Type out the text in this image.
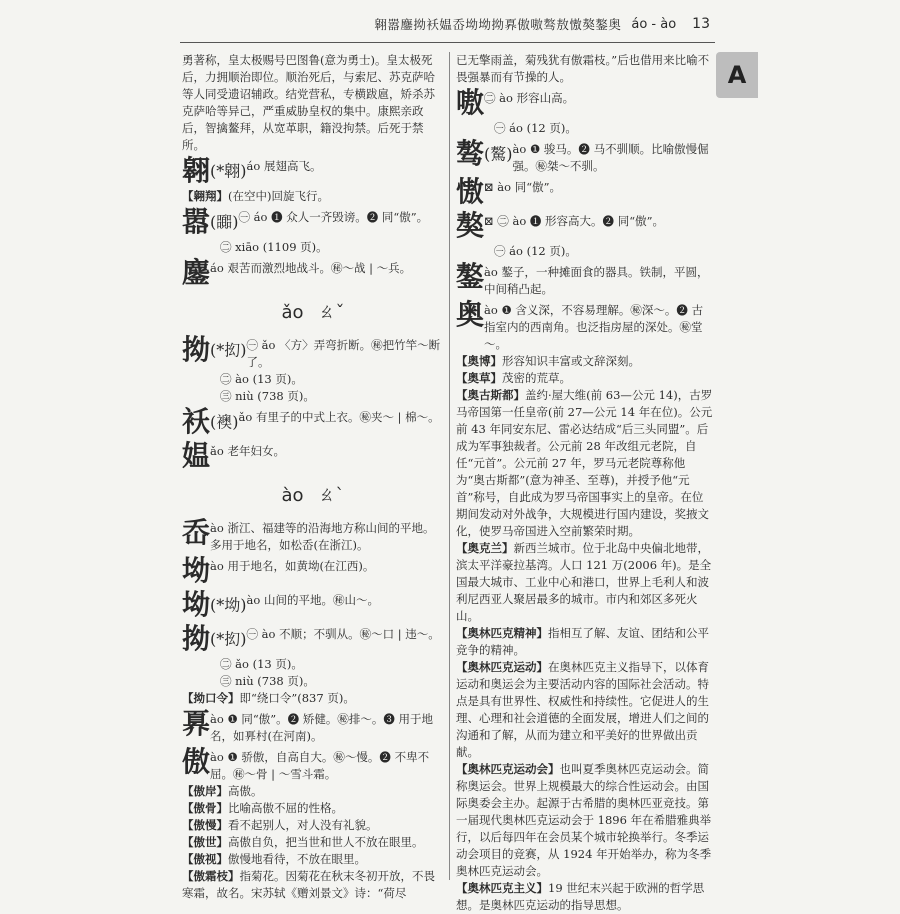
翱嚣鏖拗袄媪岙坳坳拗奡傲嗷骜敖慠獒鏊奥 áo - ào 13
A

勇著称，皇太极赐号巴图鲁(意为勇士)。皇太极死后，力拥顺治即位。顺治死后，与索尼、苏克萨哈等人同受遗诏辅政。结党营私，专横跋扈，矫杀苏克萨哈等异己，严重威胁皇权的集中。康熙亲政后，智擒鳌拜，从宽革职，籍没拘禁。后死于禁所。

翱(*翺) áo 展翅高飞。

【翱翔】(在空中)回旋飞行。

嚣(嚻) ㊀ áo ❶ 众人一齐毁谤。❷ 同“傲”。

㊁ xiāo (1109 页)。

鏖 áo 艰苦而激烈地战斗。㊙～战 | ～兵。
ǎo ㄠˇ
拗(*抝) ㊀ ǎo 〈方〉弄弯折断。㊙把竹竿～断了。

㊁ ào (13 页)。

㊂ niù (738 页)。

袄(襖) ǎo 有里子的中式上衣。㊙夹～ | 棉～。
媪 ǎo 老年妇女。
ào ㄠˋ
岙 ào 浙江、福建等的沿海地方称山间的平地。多用于地名，如松岙(在浙江)。
坳 ào 用于地名，如黄坳(在江西)。
坳(*坳) ào 山间的平地。㊙山～。
拗(*抝) ㊀ ào 不顺；不驯从。㊙～口 | 违～。

㊁ ǎo (13 页)。

㊂ niù (738 页)。

【拗口令】即“绕口令”(837 页)。

奡 ào ❶ 同“傲”。❷ 矫健。㊙排～。❸ 用于地名，如奡村(在河南)。
傲 ào ❶ 骄傲，自高自大。㊙～慢。❷ 不卑不屈。㊙～骨 | ～雪斗霜。

【傲岸】高傲。

【傲骨】比喻高傲不屈的性格。

【傲慢】看不起别人，对人没有礼貌。

【傲世】高傲自负，把当世和世人不放在眼里。

【傲视】傲慢地看待，不放在眼里。

【傲霜枝】指菊花。因菊花在秋末冬初开放，不畏寒霜，故名。宋苏轼《赠刘景文》诗：“荷尽

已无擎雨盖，菊残犹有傲霜枝。”后也借用来比喻不畏强暴而有节操的人。

嗷 ㊁ ào 形容山高。

㊀ áo (12 页)。

骜(驁) ào ❶ 骏马。❷ 马不驯顺。比喻傲慢倔强。㊙桀～不驯。
慠 ⊠ ào 同“傲”。
獒 ⊠ ㊁ ào ❶ 形容高大。❷ 同“傲”。

㊀ áo (12 页)。

鏊 ào 鏊子，一种摊面食的器具。铁制，平圆，中间稍凸起。
奥 ào ❶ 含义深，不容易理解。㊙深～。❷ 古指室内的西南角。也泛指房屋的深处。㊙堂～。

【奥博】形容知识丰富或文辞深刻。

【奥草】茂密的荒草。

【奥古斯都】盖约·屋大维(前 63—公元 14)，古罗马帝国第一任皇帝(前 27—公元 14 年在位)。公元前 43 年同安东尼、雷必达结成“后三头同盟”。后成为军事独裁者。公元前 28 年改组元老院，自任“元首”。公元前 27 年，罗马元老院尊称他为“奥古斯都”(意为神圣、至尊)，并授予他“元首”称号，自此成为罗马帝国事实上的皇帝。在位期间发动对外战争，大规模进行国内建设，奖掖文化，使罗马帝国进入空前繁荣时期。

【奥克兰】新西兰城市。位于北岛中央偏北地带，滨太平洋豪拉基湾。人口 121 万(2006 年)。是全国最大城市、工业中心和港口，世界上毛利人和波利尼西亚人聚居最多的城市。市内和郊区多死火山。

【奥林匹克精神】指相互了解、友谊、团结和公平竞争的精神。

【奥林匹克运动】在奥林匹克主义指导下，以体育运动和奥运会为主要活动内容的国际社会活动。特点是具有世界性、权威性和持续性。它促进人的生理、心理和社会道德的全面发展，增进人们之间的沟通和了解，从而为建立和平美好的世界做出贡献。

【奥林匹克运动会】也叫夏季奥林匹克运动会。简称奥运会。世界上规模最大的综合性运动会。由国际奥委会主办。起源于古希腊的奥林匹亚竞技。第一届现代奥林匹克运动会于 1896 年在希腊雅典举行，以后每四年在会员某个城市轮换举行。冬季运动会项目的竞赛，从 1924 年开始举办，称为冬季奥林匹克运动会。

【奥林匹克主义】19 世纪末兴起于欧洲的哲学思想。是奥林匹克运动的指导思想。
